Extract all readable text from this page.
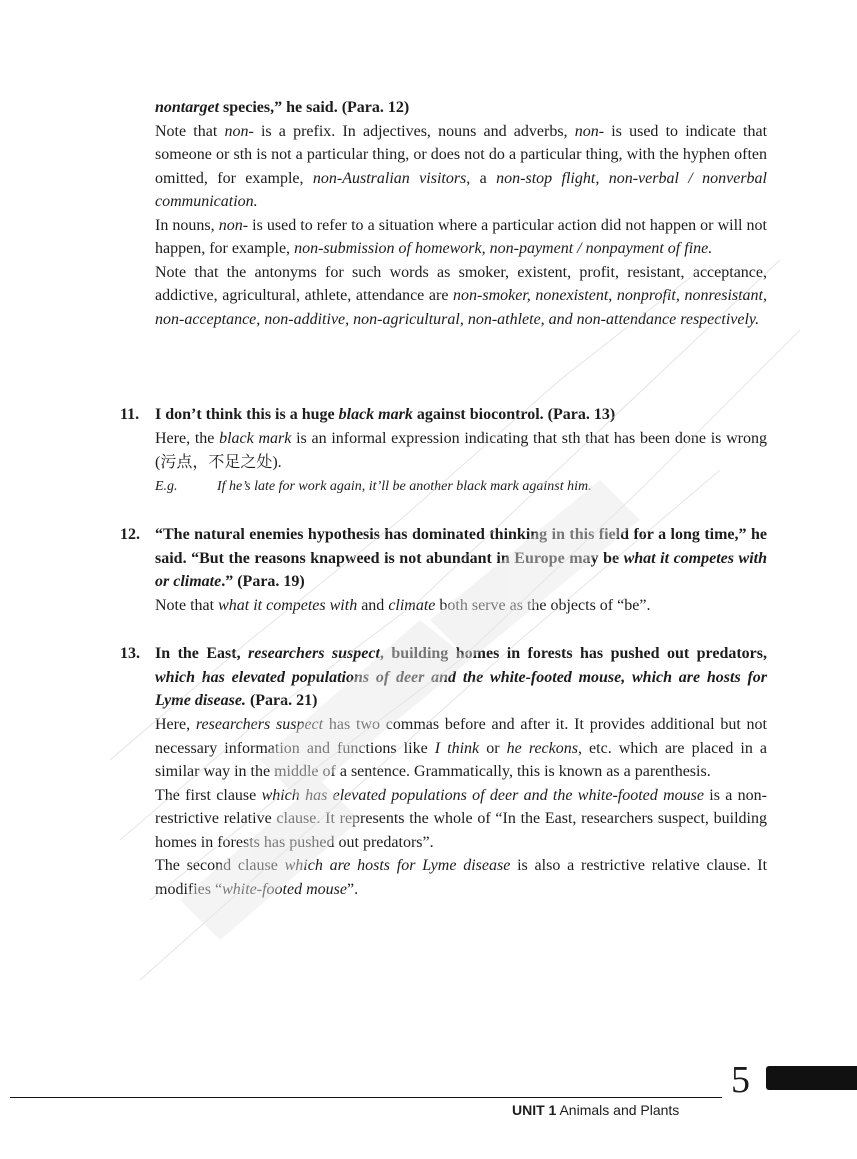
nontarget species,” he said. (Para. 12)

Note that non- is a prefix. In adjectives, nouns and adverbs, non- is used to indicate that someone or sth is not a particular thing, or does not do a particular thing, with the hyphen often omitted, for example, non-Australian visitors, a non-stop flight, non-verbal / nonverbal communication.

In nouns, non- is used to refer to a situation where a particular action did not happen or will not happen, for example, non-submission of homework, non-payment / nonpayment of fine.

Note that the antonyms for such words as smoker, existent, profit, resistant, acceptance, addictive, agricultural, athlete, attendance are non-smoker, nonexistent, nonprofit, nonresistant, non-acceptance, non-additive, non-agricultural, non-athlete, and non-attendance respectively.

11. I don’t think this is a huge black mark against biocontrol. (Para. 13)

Here, the black mark is an informal expression indicating that sth that has been done is wrong (污点，不足之处).

E.g.	If he’s late for work again, it’ll be another black mark against him.
12. “The natural enemies hypothesis has dominated thinking in this field for a long time,” he said. “But the reasons knapweed is not abundant in Europe may be what it competes with or climate.” (Para. 19)

Note that what it competes with and climate both serve as the objects of “be”.

13. In the East, researchers suspect, building homes in forests has pushed out predators, which has elevated populations of deer and the white-footed mouse, which are hosts for Lyme disease. (Para. 21)

Here, researchers suspect has two commas before and after it. It provides additional but not necessary information and functions like I think or he reckons, etc. which are placed in a similar way in the middle of a sentence. Grammatically, this is known as a parenthesis.

The first clause which has elevated populations of deer and the white-footed mouse is a non-restrictive relative clause. It represents the whole of “In the East, researchers suspect, building homes in forests has pushed out predators”.

The second clause which are hosts for Lyme disease is also a restrictive relative clause. It modifies “white-footed mouse”.

5
UNIT 1 Animals and Plants
